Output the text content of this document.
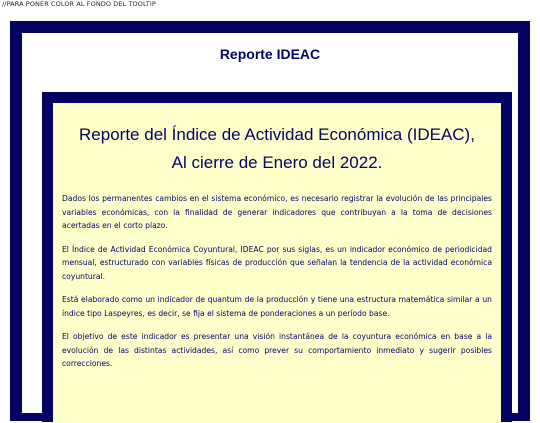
//PARA PONER COLOR AL FONDO DEL TOOLTIP
Reporte IDEAC
Reporte del Índice de Actividad Económica (IDEAC),
Al cierre de Enero del 2022.

Dados los permanentes cambios en el sistema económico, es necesario registrar la evolución de las principales variables económicas, con la finalidad de generar indicadores que contribuyan a la toma de decisiones acertadas en el corto plazo.

El Índice de Actividad Económica Coyuntural, IDEAC por sus siglas, es un indicador económico de periodicidad mensual, estructurado con variables físicas de producción que señalan la tendencia de la actividad económica coyuntural.

Está elaborado como un indicador de quantum de la producción y tiene una estructura matemática similar a un índice tipo Laspeyres, es decir, se fija el sistema de ponderaciones a un período base.

El objetivo de este indicador es presentar una visión instantánea de la coyuntura económica en base a la evolución de las distintas actividades, así como prever su comportamiento inmediato y sugerir posibles correcciones.
